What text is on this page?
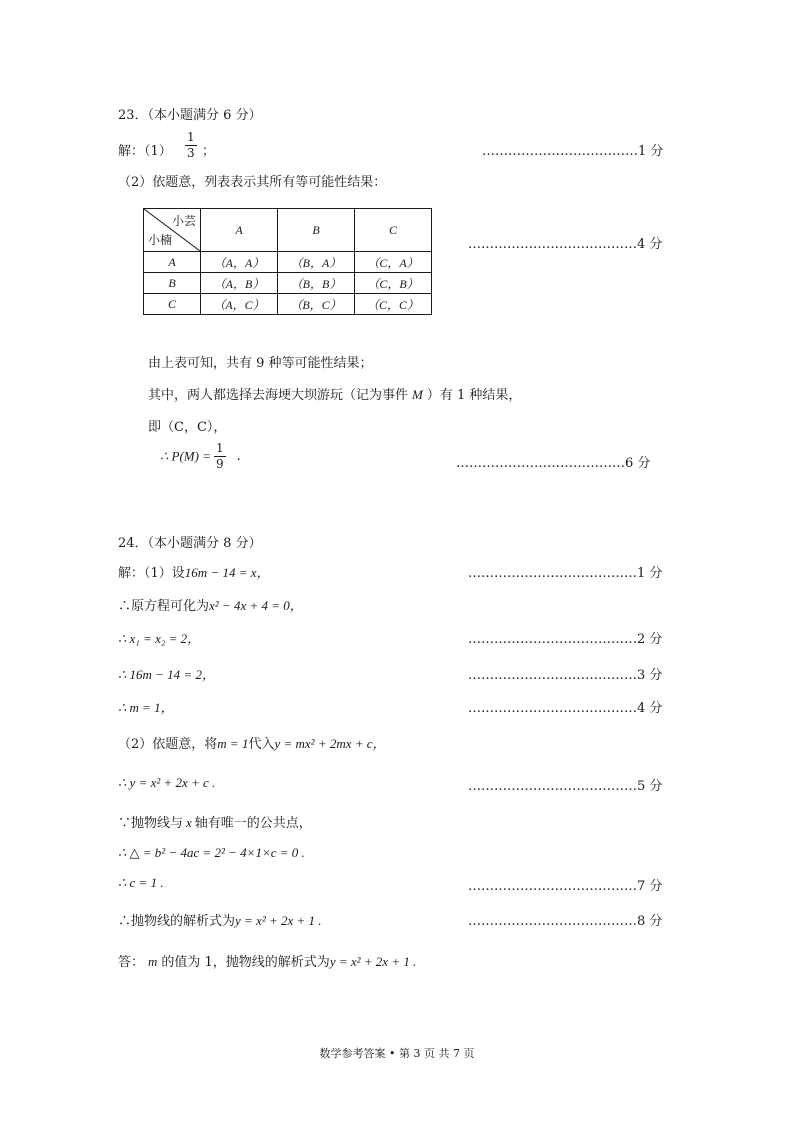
23．（本小题满分 6 分）
解：$(1) \frac{1}{3}$ ；	………………………………1 分
（2）依题意，列表表示其所有等可能性结果：
小芸
小楠	A	B	C
A	（A，A）	（B，A）	（C，A）
B	（A，B）	（B，B）	（C，B）
C	（A，C）	（B，C）	（C，C）
…………………………………4 分
由上表可知，共有 9 种等可能性结果；
其中，两人都选择去海埂大坝游玩（记为事件 M ）有 1 种结果，
即（C，C），
∴ $P(M) = \frac{1}{9}$ .	…………………………………6 分
24．（本小题满分 8 分）
解：（1）设16m − 14 = x，	…………………………………1 分
∴原方程可化为x² − 4x + 4 = 0，
∴ x₁ = x₂ = 2，	…………………………………2 分
∴ 16m − 14 = 2，	…………………………………3 分
∴ m = 1，	…………………………………4 分
（2）依题意，将m = 1代入y = mx² + 2mx + c，
∴ y = x² + 2x + c .	…………………………………5 分
∵抛物线与 x 轴有唯一的公共点，
∴ △ = b² − 4ac = 2² − 4×1×c = 0 .
∴ c = 1 .	…………………………………7 分
∴抛物线的解析式为y = x² + 2x + 1 .	…………………………………8 分
答： m 的值为 1，抛物线的解析式为y = x² + 2x + 1 .
数学参考答案 • 第 3 页 共 7 页
